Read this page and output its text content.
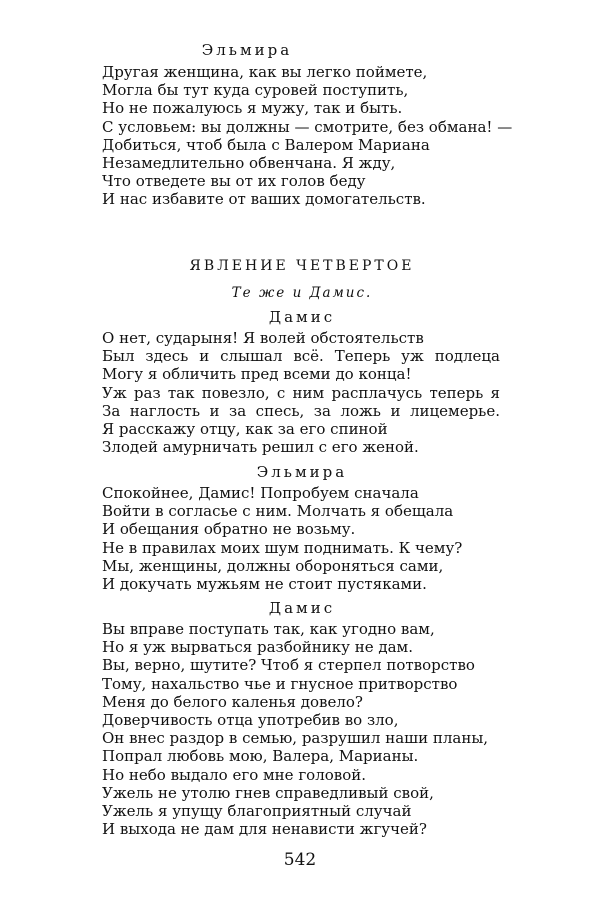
Эльмира
Другая женщина, как вы легко поймете,
Могла бы тут куда суровей поступить,
Но не пожалуюсь я мужу, так и быть.
С условьем: вы должны — смотрите, без обмана! —
Добиться, чтоб была с Валером Мариана
Незамедлительно обвенчана. Я жду,
Что отведете вы от их голов беду
И нас избавите от ваших домогательств.
ЯВЛЕНИЕ ЧЕТВЕРТОЕ
Те же и Дамис.
Дамис
О нет, сударыня! Я волей обстоятельств
Был здесь и слышал всё. Теперь уж подлеца
Могу я обличить пред всеми до конца!
Уж раз так повезло, с ним расплачусь теперь я
За наглость и за спесь, за ложь и лицемерье.
Я расскажу отцу, как за его спиной
Злодей амурничать решил с его женой.
Эльмира
Спокойнее, Дамис! Попробуем сначала
Войти в согласье с ним. Молчать я обещала
И обещания обратно не возьму.
Не в правилах моих шум поднимать. К чему?
Мы, женщины, должны обороняться сами,
И докучать мужьям не стоит пустяками.
Дамис
Вы вправе поступать так, как угодно вам,
Но я уж вырваться разбойнику не дам.
Вы, верно, шутите? Чтоб я стерпел потворство
Тому, нахальство чье и гнусное притворство
Меня до белого каленья довело?
Доверчивость отца употребив во зло,
Он внес раздор в семью, разрушил наши планы,
Попрал любовь мою, Валера, Марианы.
Но небо выдало его мне головой.
Ужель не утолю гнев справедливый свой,
Ужель я упущу благоприятный случай
И выхода не дам для ненависти жгучей?
542
